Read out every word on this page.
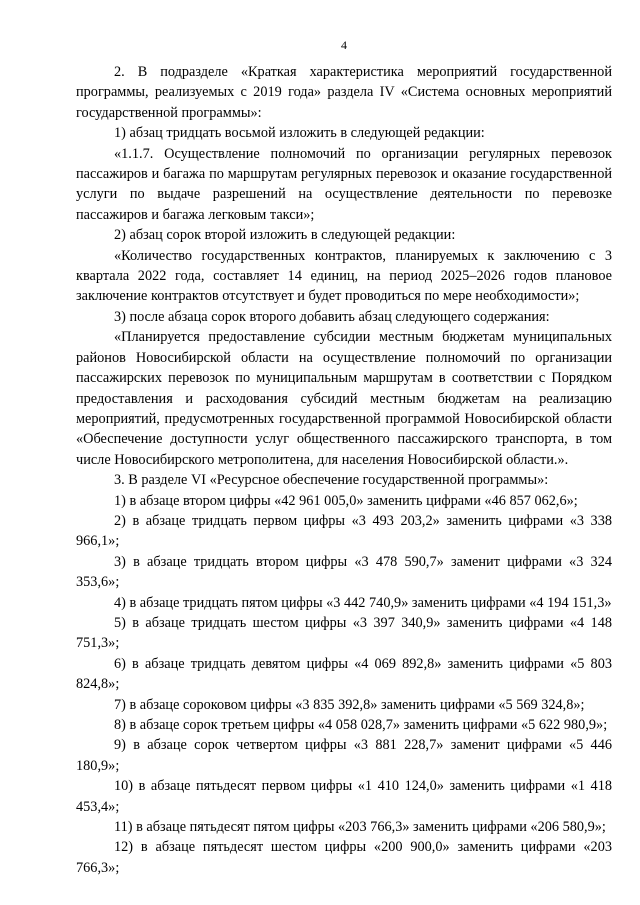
4

2. В подразделе «Краткая характеристика мероприятий государственной программы, реализуемых с 2019 года» раздела IV «Система основных мероприятий государственной программы»:

1) абзац тридцать восьмой изложить в следующей редакции:

«1.1.7. Осуществление полномочий по организации регулярных перевозок пассажиров и багажа по маршрутам регулярных перевозок и оказание государственной услуги по выдаче разрешений на осуществление деятельности по перевозке пассажиров и багажа легковым такси»;

2) абзац сорок второй изложить в следующей редакции:

«Количество государственных контрактов, планируемых к заключению с 3 квартала 2022 года, составляет 14 единиц, на период 2025–2026 годов плановое заключение контрактов отсутствует и будет проводиться по мере необходимости»;

3) после абзаца сорок второго добавить абзац следующего содержания:

«Планируется предоставление субсидии местным бюджетам муниципальных районов Новосибирской области на осуществление полномочий по организации пассажирских перевозок по муниципальным маршрутам в соответствии с Порядком предоставления и расходования субсидий местным бюджетам на реализацию мероприятий, предусмотренных государственной программой Новосибирской области «Обеспечение доступности услуг общественного пассажирского транспорта, в том числе Новосибирского метрополитена, для населения Новосибирской области.».

3. В разделе VI «Ресурсное обеспечение государственной программы»:

1) в абзаце втором цифры «42 961 005,0» заменить цифрами «46 857 062,6»;

2) в абзаце тридцать первом цифры «3 493 203,2» заменить цифрами «3 338 966,1»;

3) в абзаце тридцать втором цифры «3 478 590,7» заменит цифрами «3 324 353,6»;

4) в абзаце тридцать пятом цифры «3 442 740,9» заменить цифрами «4 194 151,3»

5) в абзаце тридцать шестом цифры «3 397 340,9» заменить цифрами «4 148 751,3»;

6) в абзаце тридцать девятом цифры «4 069 892,8» заменить цифрами «5 803 824,8»;

7) в абзаце сороковом цифры «3 835 392,8» заменить цифрами «5 569 324,8»;

8) в абзаце сорок третьем цифры «4 058 028,7» заменить цифрами «5 622 980,9»;

9) в абзаце сорок четвертом цифры «3 881 228,7» заменит цифрами «5 446 180,9»;

10) в абзаце пятьдесят первом цифры «1 410 124,0» заменить цифрами «1 418 453,4»;

11) в абзаце пятьдесят пятом цифры «203 766,3» заменить цифрами «206 580,9»;

12) в абзаце пятьдесят шестом цифры «200 900,0» заменить цифрами «203 766,3»;
